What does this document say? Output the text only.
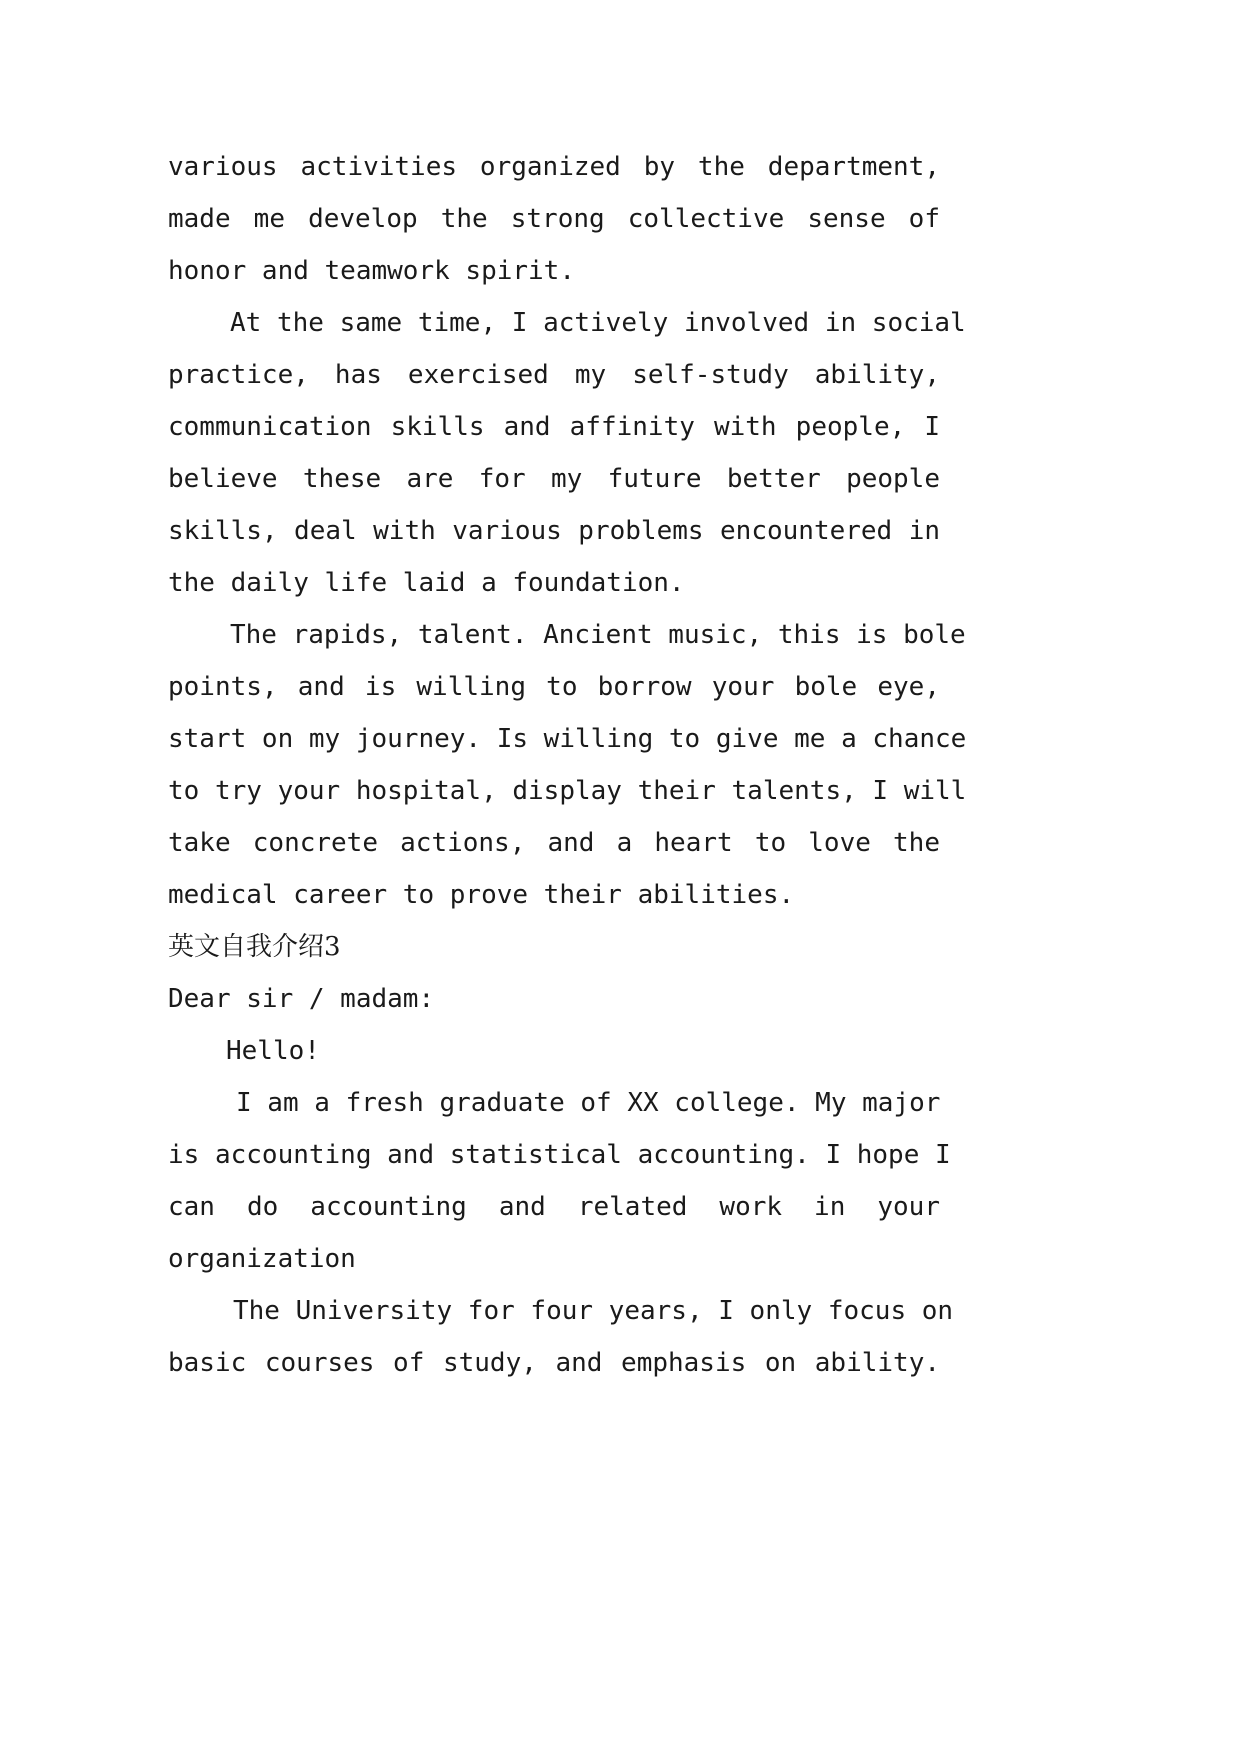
various activities organized by the department,
made me develop the strong collective sense of
honor and teamwork spirit.
At the same time, I actively involved in social
practice, has exercised my self-study ability,
communication skills and affinity with people, I
believe these are for my future better people
skills, deal with various problems encountered in
the daily life laid a foundation.
The rapids, talent. Ancient music, this is bole
points, and is willing to borrow your bole eye,
start on my journey. Is willing to give me a chance
to try your hospital, display their talents, I will
take concrete actions, and a heart to love the
medical career to prove their abilities.
英文自我介绍3
Dear sir / madam:
Hello!
I am a fresh graduate of XX college. My major
is accounting and statistical accounting. I hope I
can do accounting and related work in your
organization
The University for four years, I only focus on
basic courses of study, and emphasis on ability.
